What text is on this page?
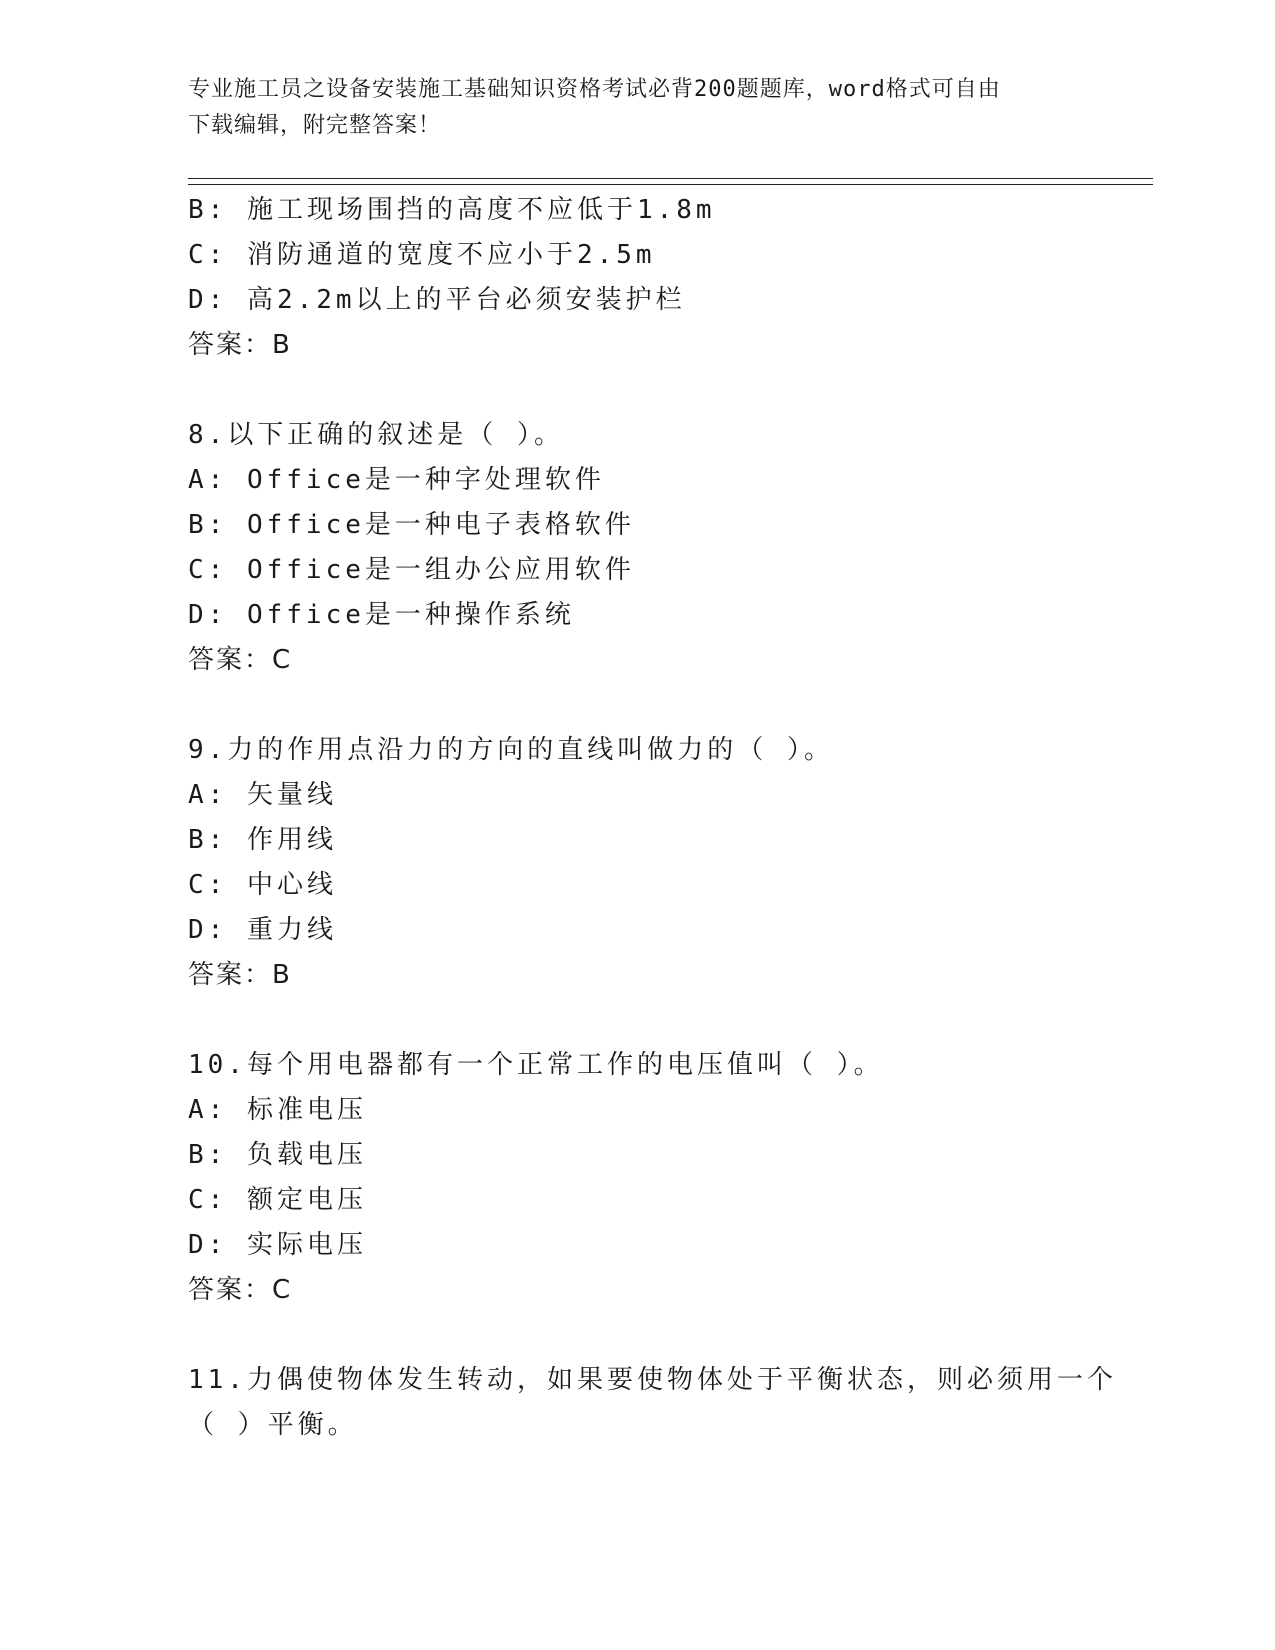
专业施工员之设备安装施工基础知识资格考试必背200题题库，word格式可自由
下载编辑，附完整答案！
B: 施工现场围挡的高度不应低于1.8m
C: 消防通道的宽度不应小于2.5m
D: 高2.2m以上的平台必须安装护栏
答案：B
8.以下正确的叙述是（ ）。
A: Office是一种字处理软件
B: Office是一种电子表格软件
C: Office是一组办公应用软件
D: Office是一种操作系统
答案：C
9.力的作用点沿力的方向的直线叫做力的（ ）。
A: 矢量线
B: 作用线
C: 中心线
D: 重力线
答案：B
10.每个用电器都有一个正常工作的电压值叫（ ）。
A: 标准电压
B: 负载电压
C: 额定电压
D: 实际电压
答案：C
11.力偶使物体发生转动，如果要使物体处于平衡状态，则必须用一个
（ ）平衡。
